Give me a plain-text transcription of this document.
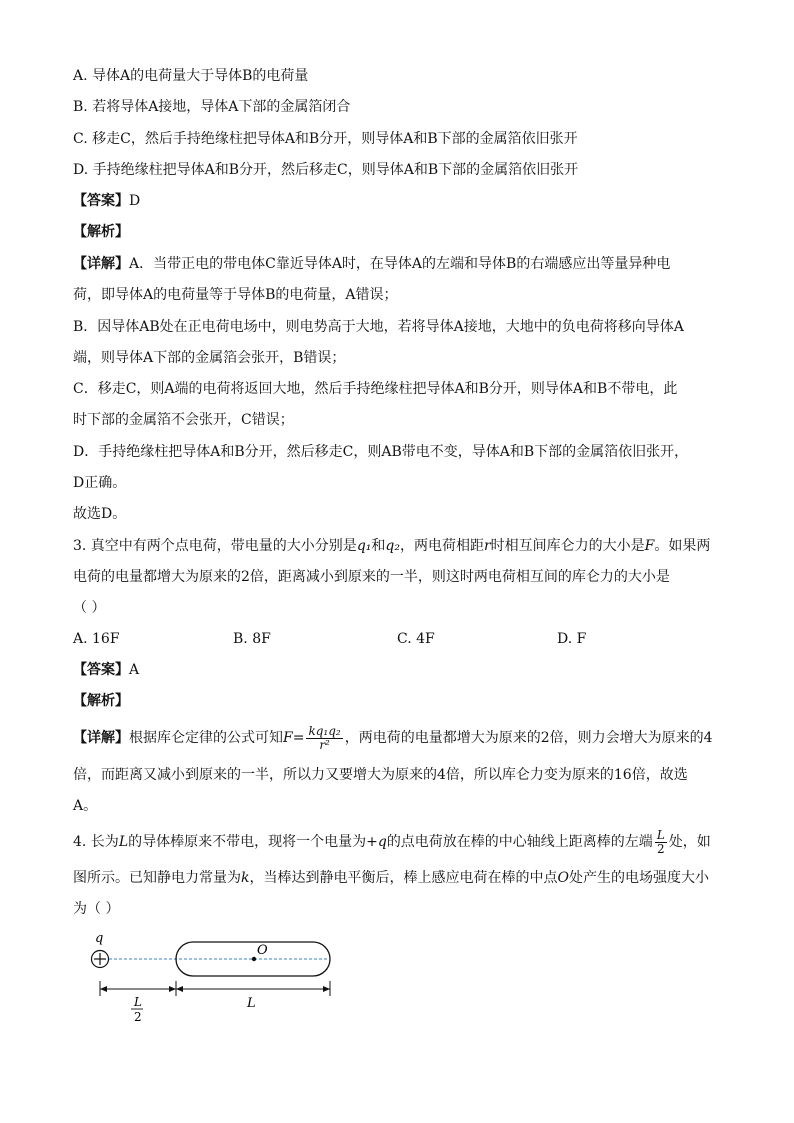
A. 导体A的电荷量大于导体B的电荷量
B. 若将导体A接地，导体A下部的金属箔闭合
C. 移走C，然后手持绝缘柱把导体A和B分开，则导体A和B下部的金属箔依旧张开
D. 手持绝缘柱把导体A和B分开，然后移走C，则导体A和B下部的金属箔依旧张开
【答案】D
【解析】
【详解】A．当带正电的带电体C靠近导体A时，在导体A的左端和导体B的右端感应出等量异种电
荷，即导体A的电荷量等于导体B的电荷量，A错误；
B．因导体AB处在正电荷电场中，则电势高于大地，若将导体A接地，大地中的负电荷将移向导体A
端，则导体A下部的金属箔会张开，B错误；
C．移走C，则A端的电荷将返回大地，然后手持绝缘柱把导体A和B分开，则导体A和B不带电，此
时下部的金属箔不会张开，C错误；
D．手持绝缘柱把导体A和B分开，然后移走C，则AB带电不变，导体A和B下部的金属箔依旧张开，
D正确。
故选D。
3. 真空中有两个点电荷，带电量的大小分别是q₁和q₂，两电荷相距r时相互间库仑力的大小是F。如果两
电荷的电量都增大为原来的2倍，距离减小到原来的一半，则这时两电荷相互间的库仑力的大小是
（ ）
A. 16F	B. 8F	C. 4F	D. F
【答案】A
【解析】
【详解】根据库仑定律的公式可知$F= \frac{\text{kq₁q₂}}{\text{r²}}$ ，两电荷的电量都增大为原来的2倍，则力会增大为原来的4
倍，而距离又减小到原来的一半，所以力又要增大为原来的4倍，所以库仑力变为原来的16倍，故选
A。
4. 长为L的导体棒原来不带电，现将一个电量为+q的点电荷放在棒的中心轴线上距离棒的左端 $\frac{L}{2}$ 处，如
图所示。已知静电力常量为k，当棒达到静电平衡后，棒上感应电荷在棒的中点O处产生的电场强度大小
为（ ）
q
O
L
2
L
